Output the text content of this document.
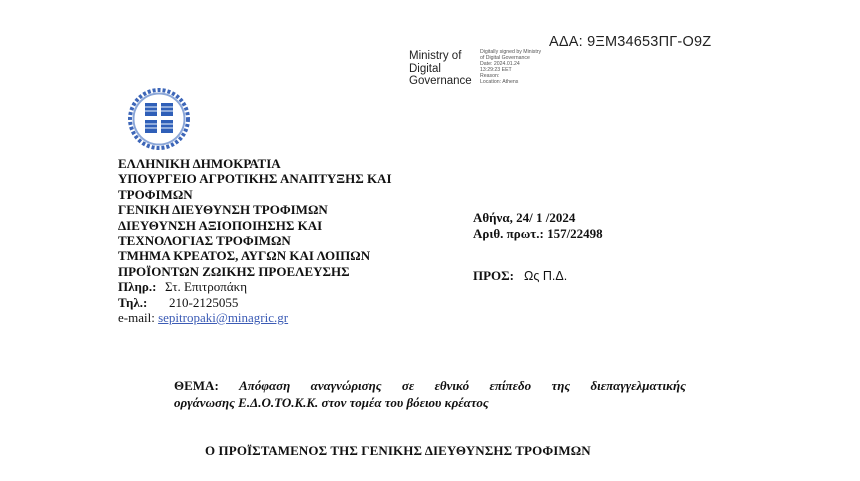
ΑΔΑ: 9ΞΜ34653ΠΓ-Ο9Ζ
Ministry of
Digital
Governance
Digitally signed by Ministry
of Digital Governance
Date: 2024.01.24
13:29:23 EET
Reason:
Location: Athens
ΕΛΛΗΝΙΚΗ ΔΗΜΟΚΡΑΤΙΑ
ΥΠΟΥΡΓΕΙΟ ΑΓΡΟΤΙΚΗΣ ΑΝΑΠΤΥΞΗΣ ΚΑΙ
ΤΡΟΦΙΜΩΝ
ΓΕΝΙΚΗ ΔΙΕΥΘΥΝΣΗ ΤΡΟΦΙΜΩΝ
ΔΙΕΥΘΥΝΣΗ ΑΞΙΟΠΟΙΗΣΗΣ ΚΑΙ
ΤΕΧΝΟΛΟΓΙΑΣ ΤΡΟΦΙΜΩΝ
ΤΜΗΜΑ ΚΡΕΑΤΟΣ, ΑΥΓΩΝ ΚΑΙ ΛΟΙΠΩΝ
ΠΡΟΪΟΝΤΩΝ ΖΩΙΚΗΣ ΠΡΟΕΛΕΥΣΗΣ
Πληρ.: Στ. Επιτροπάκη
Τηλ.: 210-2125055
e-mail: sepitropaki@minagric.gr
Αθήνα, 24/ 1 /2024
Αριθ. πρωτ.: 157/22498
ΠΡΟΣ: Ως Π.Δ.
ΘΕΜΑ: Απόφαση αναγνώρισης σε εθνικό επίπεδο της διεπαγγελματικής
οργάνωσης Ε.Δ.Ο.ΤΟ.Κ.Κ. στον τομέα του βόειου κρέατος
Ο ΠΡΟΪΣΤΑΜΕΝΟΣ ΤΗΣ ΓΕΝΙΚΗΣ ΔΙΕΥΘΥΝΣΗΣ ΤΡΟΦΙΜΩΝ
